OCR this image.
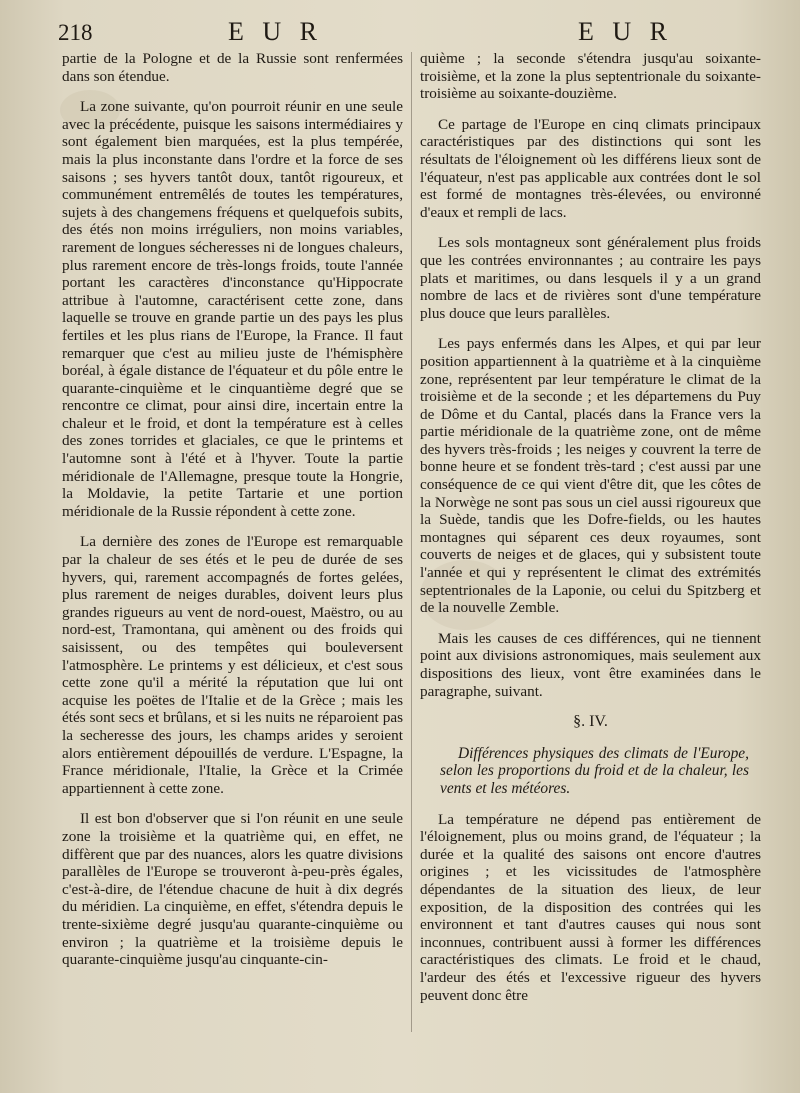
218	E U R	E U R

partie de la Pologne et de la Russie sont renfermées dans son étendue.

La zone suivante, qu'on pourroit réunir en une seule avec la précédente, puisque les saisons intermédiaires y sont également bien marquées, est la plus tempérée, mais la plus inconstante dans l'ordre et la force de ses saisons ; ses hyvers tantôt doux, tantôt rigoureux, et communément entremêlés de toutes les températures, sujets à des changemens fréquens et quelquefois subits, des étés non moins irréguliers, non moins variables, rarement de longues sécheresses ni de longues chaleurs, plus rarement encore de très-longs froids, toute l'année portant les caractères d'inconstance qu'Hippocrate attribue à l'automne, caractérisent cette zone, dans laquelle se trouve en grande partie un des pays les plus fertiles et les plus rians de l'Europe, la France. Il faut remarquer que c'est au milieu juste de l'hémisphère boréal, à égale distance de l'équateur et du pôle entre le quarante-cinquième et le cinquantième degré que se rencontre ce climat, pour ainsi dire, incertain entre la chaleur et le froid, et dont la température est à celles des zones torrides et glaciales, ce que le printems et l'automne sont à l'été et à l'hyver. Toute la partie méridionale de l'Allemagne, presque toute la Hongrie, la Moldavie, la petite Tartarie et une portion méridionale de la Russie répondent à cette zone.

La dernière des zones de l'Europe est remarquable par la chaleur de ses étés et le peu de durée de ses hyvers, qui, rarement accompagnés de fortes gelées, plus rarement de neiges durables, doivent leurs plus grandes rigueurs au vent de nord-ouest, Maëstro, ou au nord-est, Tramontana, qui amènent ou des froids qui saisissent, ou des tempêtes qui bouleversent l'atmosphère. Le printems y est délicieux, et c'est sous cette zone qu'il a mérité la réputation que lui ont acquise les poëtes de l'Italie et de la Grèce ; mais les étés sont secs et brûlans, et si les nuits ne réparoient pas la secheresse des jours, les champs arides y seroient alors entièrement dépouillés de verdure. L'Espagne, la France méridionale, l'Italie, la Grèce et la Crimée appartiennent à cette zone.

Il est bon d'observer que si l'on réunit en une seule zone la troisième et la quatrième qui, en effet, ne diffèrent que par des nuances, alors les quatre divisions parallèles de l'Europe se trouveront à-peu-près égales, c'est-à-dire, de l'étendue chacune de huit à dix degrés du méridien. La cinquième, en effet, s'étendra depuis le trente-sixième degré jusqu'au quarante-cinquième ou environ ; la quatrième et la troisième depuis le quarante-cinquième jusqu'au cinquante-cin-

quième ; la seconde s'étendra jusqu'au soixante-troisième, et la zone la plus septentrionale du soixante-troisième au soixante-douzième.

Ce partage de l'Europe en cinq climats principaux caractéristiques par des distinctions qui sont les résultats de l'éloignement où les différens lieux sont de l'équateur, n'est pas applicable aux contrées dont le sol est formé de montagnes très-élevées, ou environné d'eaux et rempli de lacs.

Les sols montagneux sont généralement plus froids que les contrées environnantes ; au contraire les pays plats et maritimes, ou dans lesquels il y a un grand nombre de lacs et de rivières sont d'une température plus douce que leurs parallèles.

Les pays enfermés dans les Alpes, et qui par leur position appartiennent à la quatrième et à la cinquième zone, représentent par leur température le climat de la troisième et de la seconde ; et les départemens du Puy de Dôme et du Cantal, placés dans la France vers la partie méridionale de la quatrième zone, ont de même des hyvers très-froids ; les neiges y couvrent la terre de bonne heure et se fondent très-tard ; c'est aussi par une conséquence de ce qui vient d'être dit, que les côtes de la Norwège ne sont pas sous un ciel aussi rigoureux que la Suède, tandis que les Dofre-fields, ou les hautes montagnes qui séparent ces deux royaumes, sont couverts de neiges et de glaces, qui y subsistent toute l'année et qui y représentent le climat des extrémités septentrionales de la Laponie, ou celui du Spitzberg et de la nouvelle Zemble.

Mais les causes de ces différences, qui ne tiennent point aux divisions astronomiques, mais seulement aux dispositions des lieux, vont être examinées dans le paragraphe, suivant.

§. IV.

Différences physiques des climats de l'Europe, selon les proportions du froid et de la chaleur, les vents et les météores.

La température ne dépend pas entièrement de l'éloignement, plus ou moins grand, de l'équateur ; la durée et la qualité des saisons ont encore d'autres origines ; et les vicissitudes de l'atmosphère dépendantes de la situation des lieux, de leur exposition, de la disposition des contrées qui les environnent et tant d'autres causes qui nous sont inconnues, contribuent aussi à former les différences caractéristiques des climats. Le froid et le chaud, l'ardeur des étés et l'excessive rigueur des hyvers peuvent donc être
